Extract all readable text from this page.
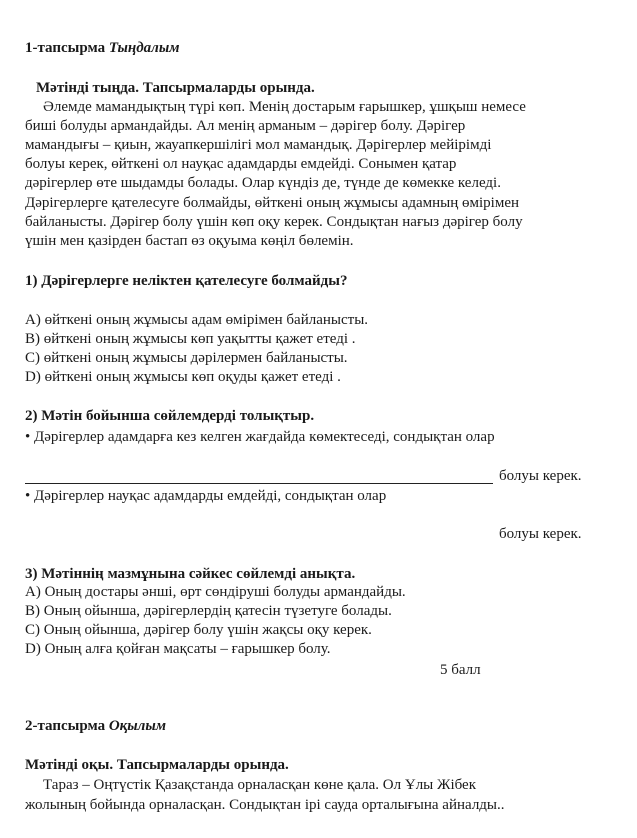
1-тапсырма Тыңдалым
Мәтінді тыңда. Тапсырмаларды орында.
Әлемде мамандықтың түрі көп. Менің достарым ғарышкер, ұшқыш немесе
биші болуды армандайды. Ал менің арманым – дәрігер болу. Дәрігер
мамандығы – қиын, жауапкершілігі мол мамандық. Дәрігерлер мейірімді
болуы керек, өйткені ол науқас адамдарды емдейді. Сонымен қатар
дәрігерлер өте шыдамды болады. Олар күндіз де, түнде де көмекке келеді.
Дәрігерлерге қателесуге болмайды, өйткені оның жұмысы адамның өмірімен
байланысты. Дәрігер болу үшін көп оқу керек. Сондықтан нағыз дәрігер болу
үшін мен қазірден бастап өз оқуыма көңіл бөлемін.
1) Дәрігерлерге неліктен қателесуге болмайды?
A) өйткені оның жұмысы адам өмірімен байланысты.
B) өйткені оның жұмысы көп уақытты қажет етеді .
C) өйткені оның жұмысы дәрілермен байланысты.
D) өйткені оның жұмысы көп оқуды қажет етеді .
2) Мәтін бойынша сөйлемдерді толықтыр.
• Дәрігерлер адамдарға кез келген жағдайда көмектеседі, сондықтан олар
болуы керек.
• Дәрігерлер науқас адамдарды емдейді, сондықтан олар
болуы керек.
3) Мәтіннің мазмұнына сәйкес сөйлемді анықта.
A) Оның достары әнші, өрт сөндіруші болуды армандайды.
B) Оның ойынша, дәрігерлердің қатесін түзетуге болады.
C) Оның ойынша, дәрігер болу үшін жақсы оқу керек.
D) Оның алға қойған мақсаты – ғарышкер болу.
5 балл
2-тапсырма Оқылым
Мәтінді оқы. Тапсырмаларды орында.
Тараз – Оңтүстік Қазақстанда орналасқан көне қала. Ол Ұлы Жібек
жолының бойында орналасқан. Сондықтан ірі сауда орталығына айналды..
